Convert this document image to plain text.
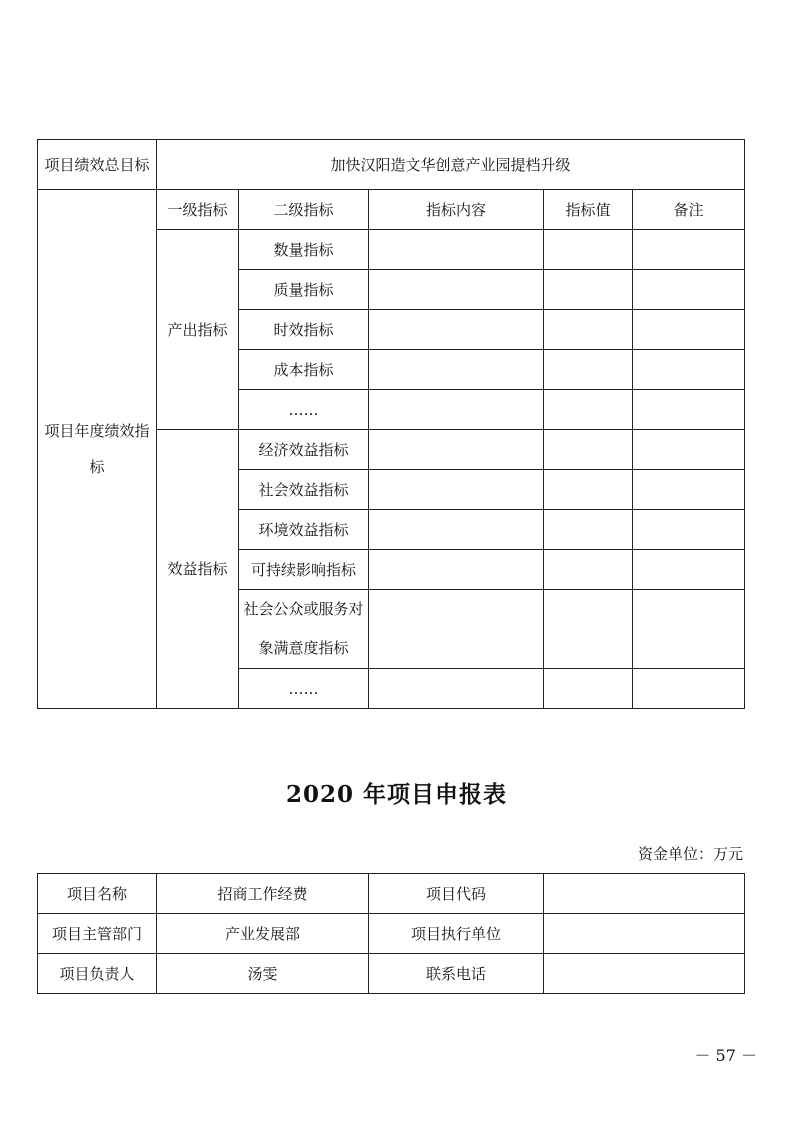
项目绩效总目标	加快汉阳造文华创意产业园提档升级				
项目年度绩效指标	一级指标	二级指标	指标内容	指标值	备注
	产出指标	数量指标			
		质量指标			
		时效指标			
		成本指标			
		……			
	效益指标	经济效益指标			
		社会效益指标			
		环境效益指标			
		可持续影响指标			
		社会公众或服务对象满意度指标			
		……			
2020 年项目申报表
资金单位：万元
项目名称	招商工作经费	项目代码	
项目主管部门	产业发展部	项目执行单位	
项目负责人	汤雯	联系电话	
－ 57 －
